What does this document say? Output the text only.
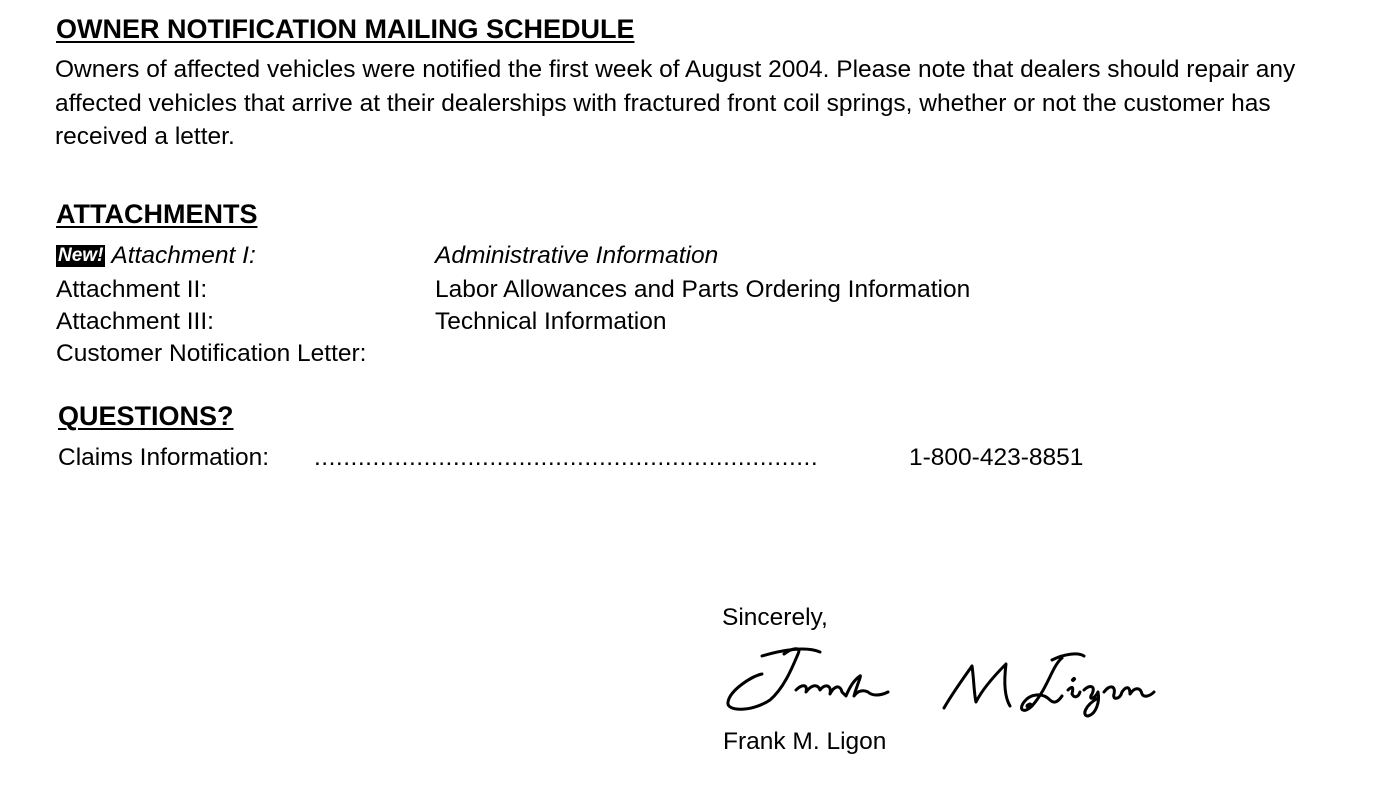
OWNER NOTIFICATION MAILING SCHEDULE

Owners of affected vehicles were notified the first week of August 2004. Please note that dealers should repair any affected vehicles that arrive at their dealerships with fractured front coil springs, whether or not the customer has received a letter.

ATTACHMENTS
New! Attachment I:	Administrative Information
Attachment II:	Labor Allowances and Parts Ordering Information
Attachment III:	Technical Information
Customer Notification Letter:
QUESTIONS?
Claims Information: .....................................................................	1-800-423-8851
Sincerely,
Frank M. Ligon
